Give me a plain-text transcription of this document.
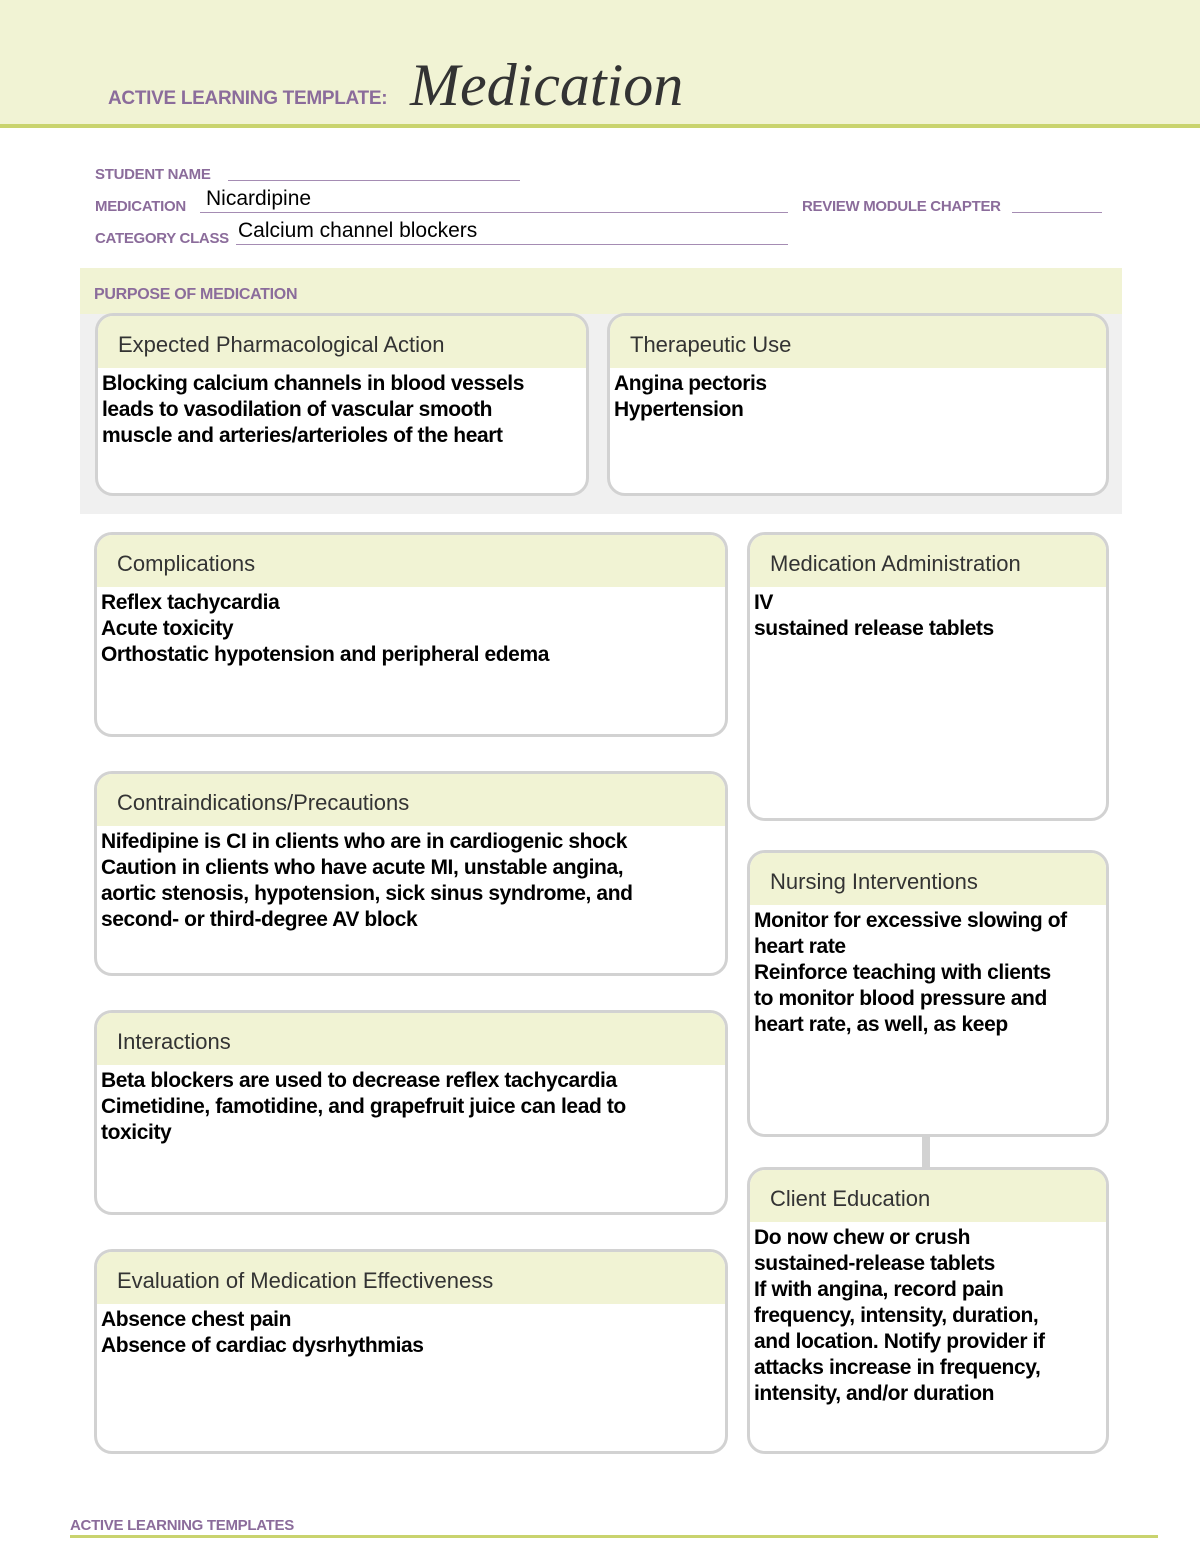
ACTIVE LEARNING TEMPLATE: Medication
STUDENT NAME
MEDICATION Nicardipine	REVIEW MODULE CHAPTER
CATEGORY CLASS Calcium channel blockers
PURPOSE OF MEDICATION
Expected Pharmacological Action
Blocking calcium channels in blood vessels
leads to vasodilation of vascular smooth
muscle and arteries/arterioles of the heart
Therapeutic Use
Angina pectoris
Hypertension
Complications
Reflex tachycardia
Acute toxicity
Orthostatic hypotension and peripheral edema
Contraindications/Precautions
Nifedipine is CI in clients who are in cardiogenic shock
Caution in clients who have acute MI, unstable angina,
aortic stenosis, hypotension, sick sinus syndrome, and
second- or third-degree AV block
Interactions
Beta blockers are used to decrease reflex tachycardia
Cimetidine, famotidine, and grapefruit juice can lead to
toxicity
Evaluation of Medication Effectiveness
Absence chest pain
Absence of cardiac dysrhythmias
Medication Administration
IV
sustained release tablets
Nursing Interventions
Monitor for excessive slowing of
heart rate
Reinforce teaching with clients
to monitor blood pressure and
heart rate, as well, as keep
Client Education
Do now chew or crush
sustained-release tablets
If with angina, record pain
frequency, intensity, duration,
and location. Notify provider if
attacks increase in frequency,
intensity, and/or duration
ACTIVE LEARNING TEMPLATES
